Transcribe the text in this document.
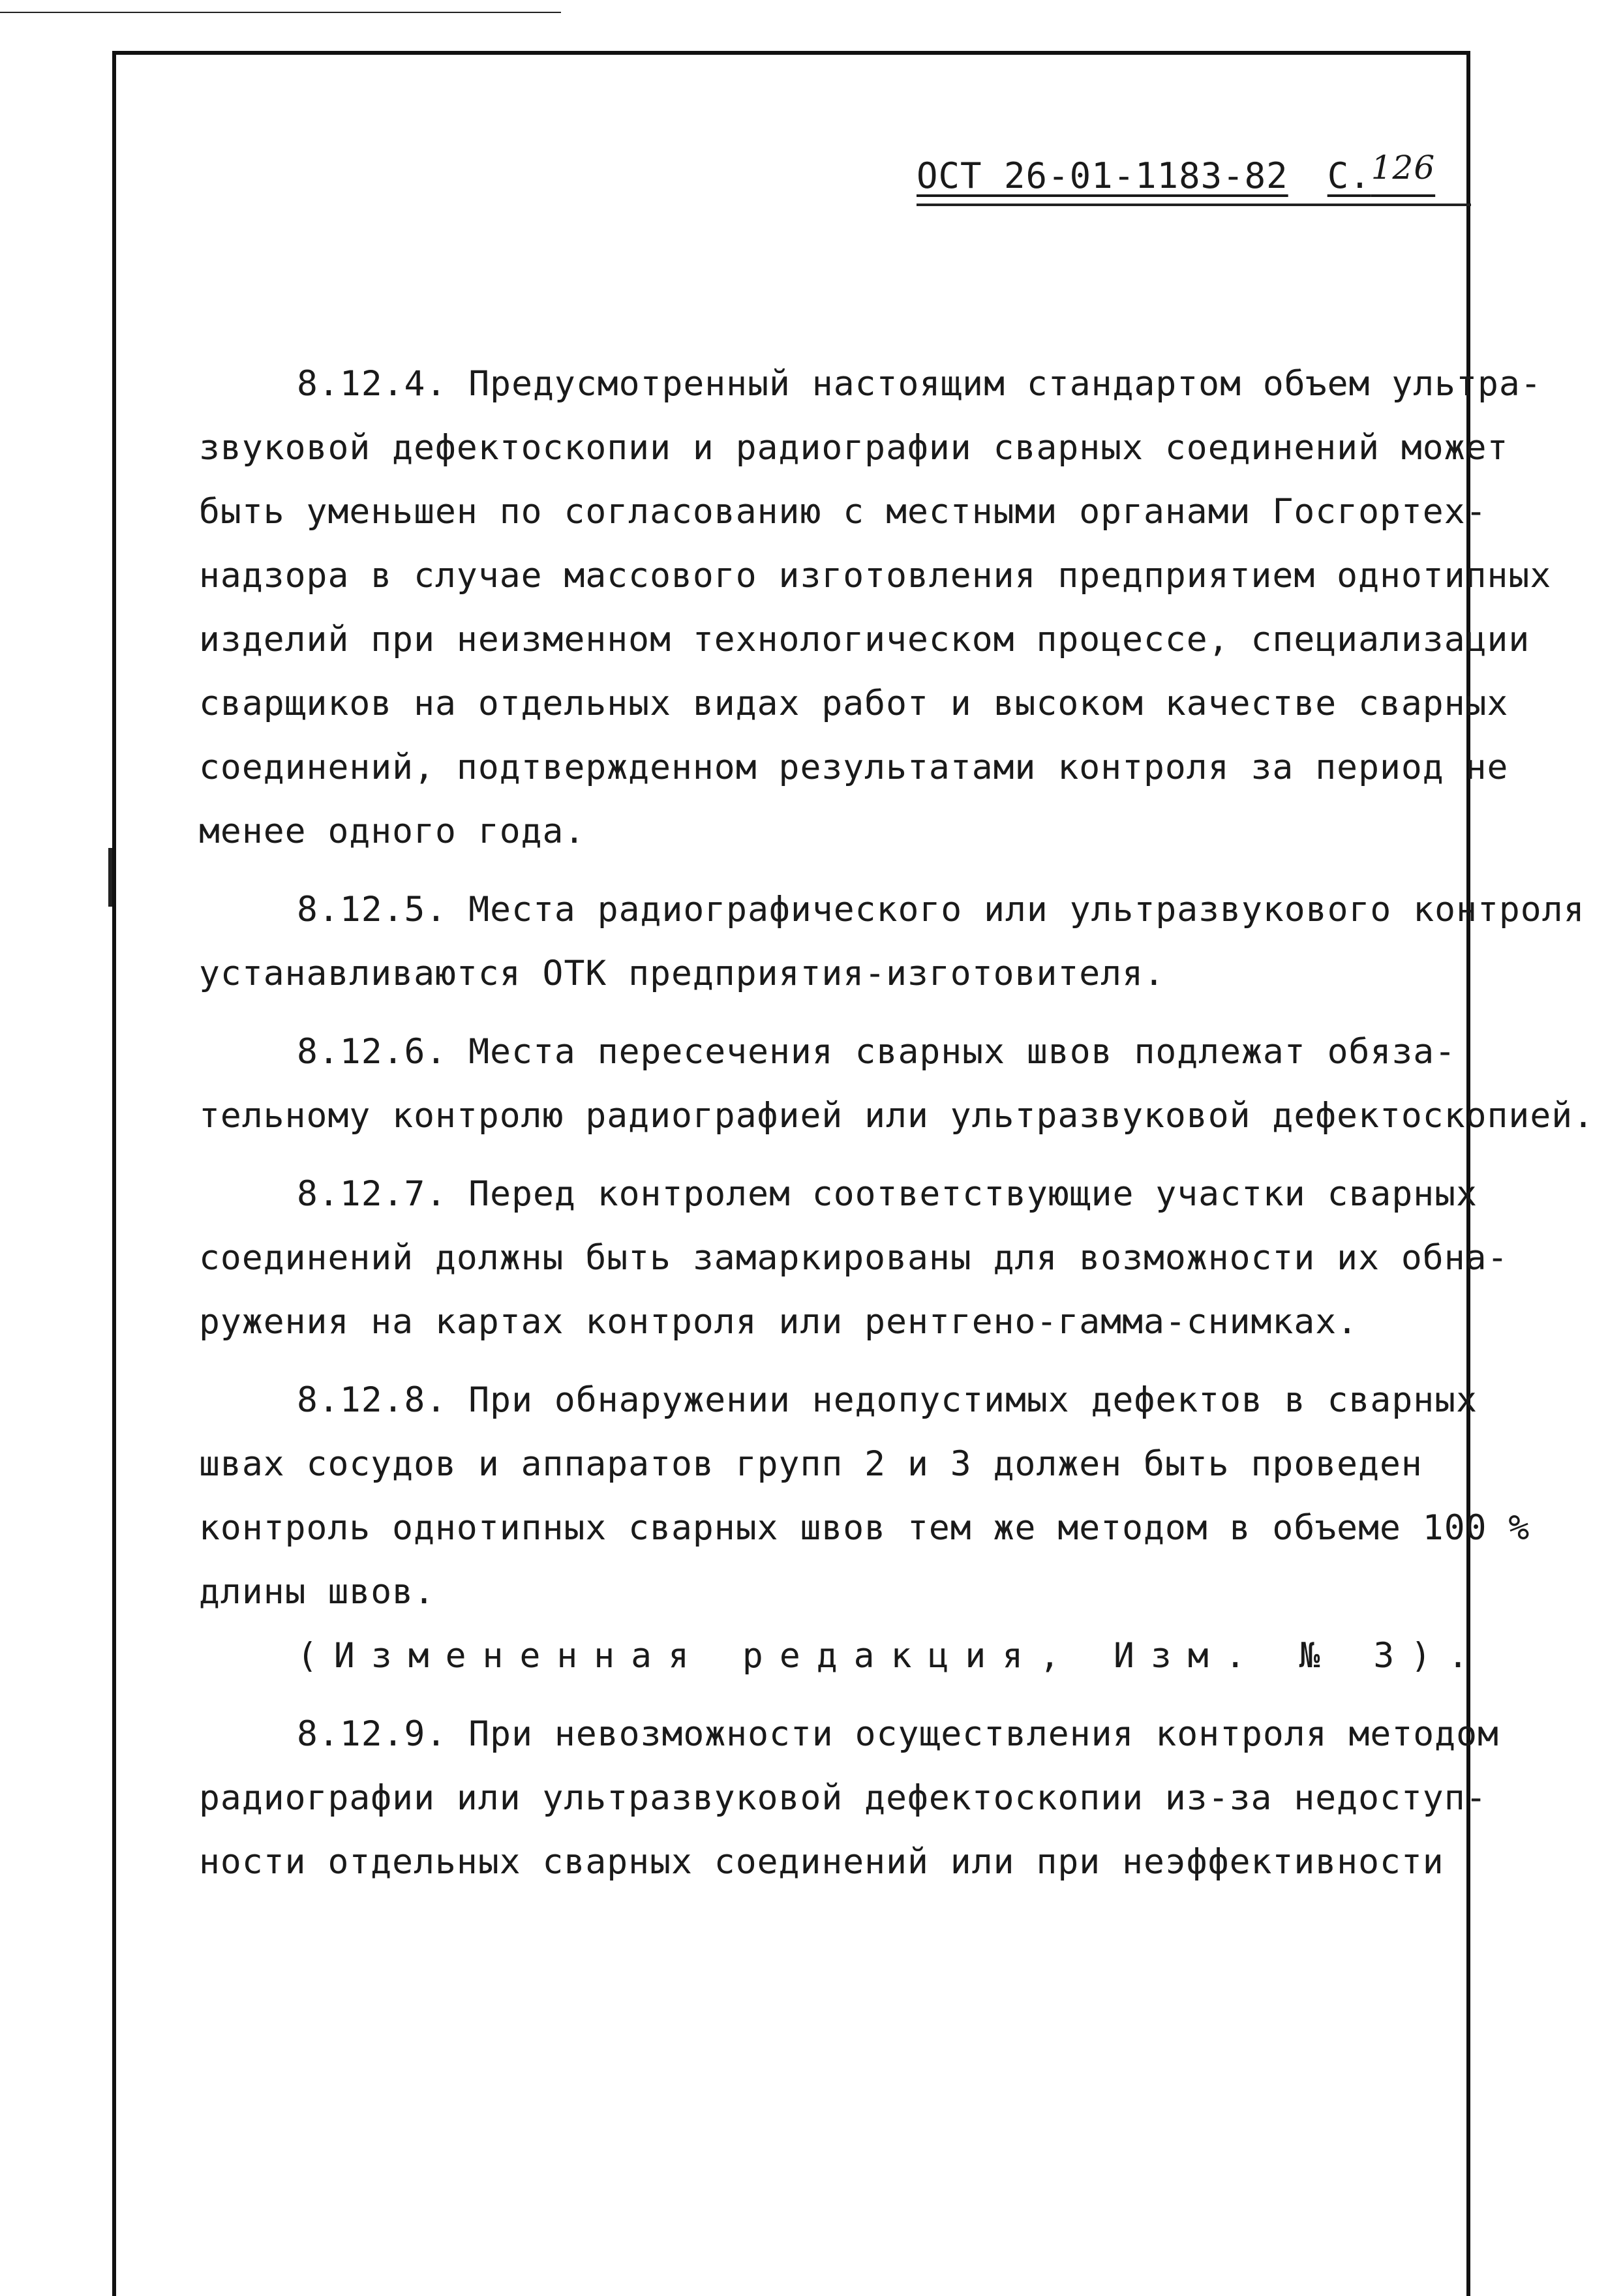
ОСТ 26-01-1183-82 С.126
8.12.4. Предусмотренный настоящим стандартом объем ультра-
звуковой дефектоскопии и радиографии сварных соединений может
быть уменьшен по согласованию с местными органами Госгортех-
надзора в случае массового изготовления предприятием однотипных
изделий при неизменном технологическом процессе, специализации
сварщиков на отдельных видах работ и высоком качестве сварных
соединений, подтвержденном результатами контроля за период не
менее одного года.
8.12.5. Места радиографического или ультразвукового контроля
устанавливаются ОТК предприятия-изготовителя.
8.12.6. Места пересечения сварных швов подлежат обяза-
тельному контролю радиографией или ультразвуковой дефектоскопией.
8.12.7. Перед контролем соответствующие участки сварных
соединений должны быть замаркированы для возможности их обна-
ружения на картах контроля или рентгено-гамма-снимках.
8.12.8. При обнаружении недопустимых дефектов в сварных
швах сосудов и аппаратов групп 2 и 3 должен быть проведен
контроль однотипных сварных швов тем же методом в объеме 100 %
длины швов.
(Измененная редакция, Изм. № 3).
8.12.9. При невозможности осуществления контроля методом
радиографии или ультразвуковой дефектоскопии из-за недоступ-
ности отдельных сварных соединений или при неэффективности
